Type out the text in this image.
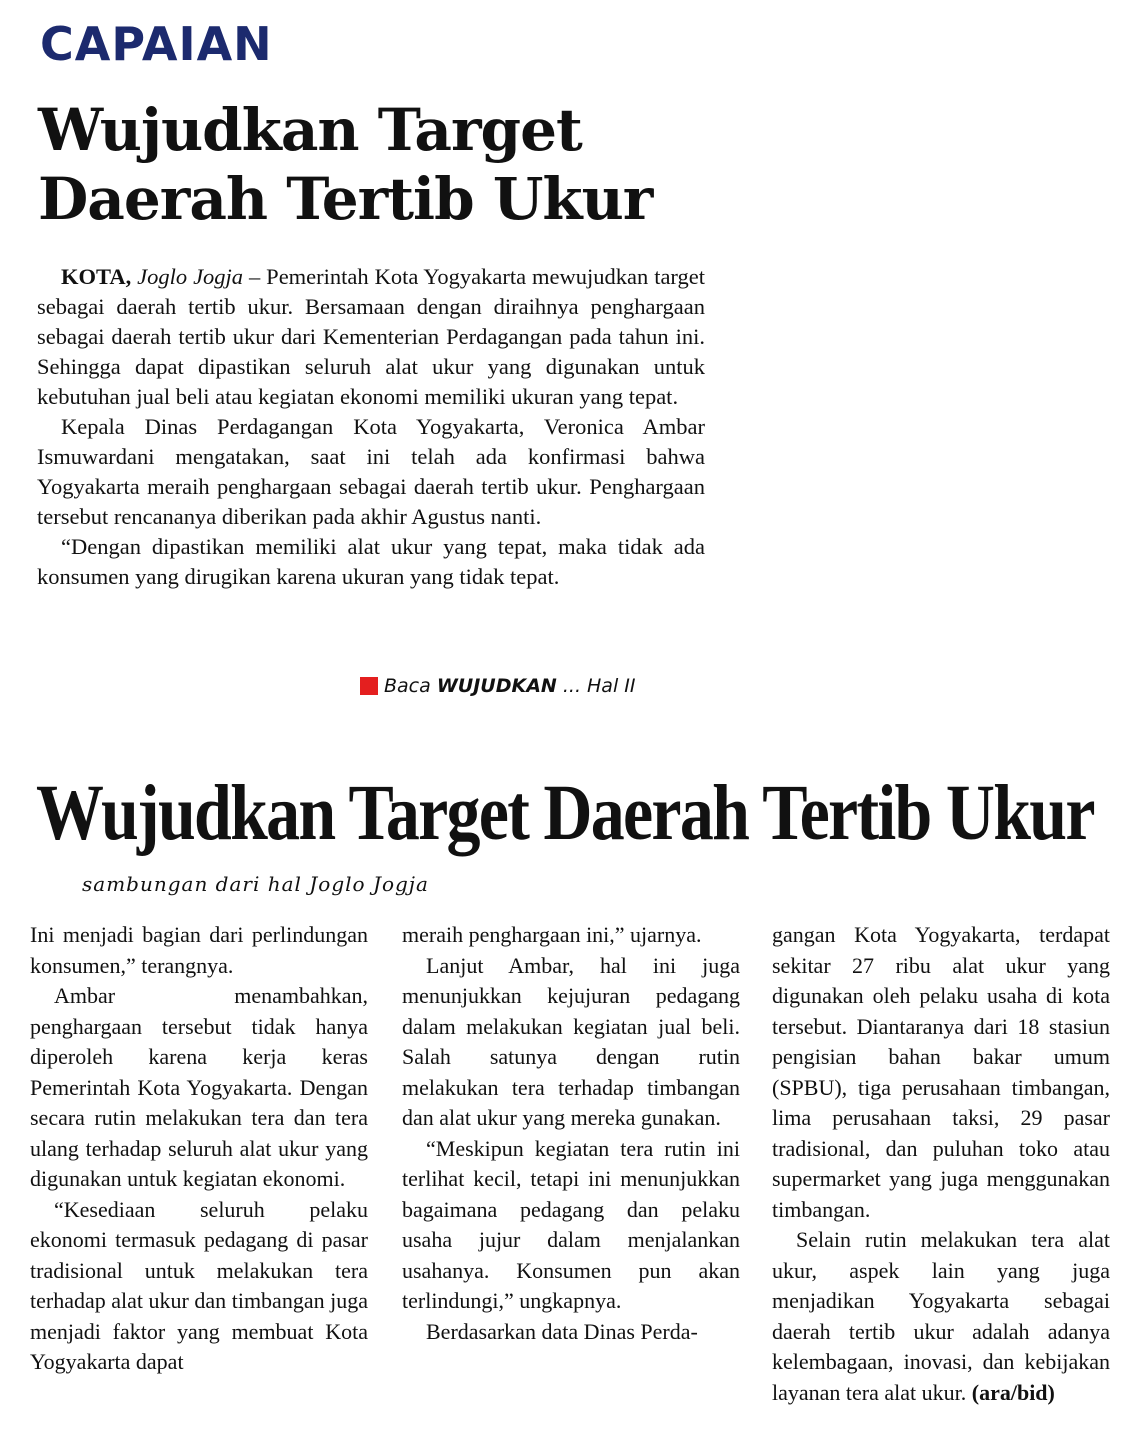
CAPAIAN
Wujudkan Target Daerah Tertib Ukur

KOTA, Joglo Jogja – Pemerintah Kota Yogyakarta mewujudkan target sebagai daerah tertib ukur. Bersamaan dengan diraihnya penghargaan sebagai daerah tertib ukur dari Kementerian Perdagangan pada tahun ini. Sehingga dapat dipastikan seluruh alat ukur yang digunakan untuk kebutuhan jual beli atau kegiatan ekonomi memiliki ukuran yang tepat.

Kepala Dinas Perdagangan Kota Yogyakarta, Veronica Ambar Ismuwardani mengatakan, saat ini telah ada konfirmasi bahwa Yogyakarta meraih penghargaan sebagai daerah tertib ukur. Penghargaan tersebut rencananya diberikan pada akhir Agustus nanti.

“Dengan dipastikan memiliki alat ukur yang tepat, maka tidak ada konsumen yang dirugikan karena ukuran yang tidak tepat.

Baca WUJUDKAN ... Hal II
Wujudkan Target Daerah Tertib Ukur
sambungan dari hal Joglo Jogja

Ini menjadi bagian dari perlindungan konsumen,” terangnya.

Ambar menambahkan, penghargaan tersebut tidak hanya diperoleh karena kerja keras Pemerintah Kota Yogyakarta. Dengan secara rutin melakukan tera dan tera ulang terhadap seluruh alat ukur yang digunakan untuk kegiatan ekonomi.

“Kesediaan seluruh pelaku ekonomi termasuk pedagang di pasar tradisional untuk melakukan tera terhadap alat ukur dan timbangan juga menjadi faktor yang membuat Kota Yogyakarta dapat

meraih penghargaan ini,” ujarnya.

Lanjut Ambar, hal ini juga menunjukkan kejujuran pedagang dalam melakukan kegiatan jual beli. Salah satunya dengan rutin melakukan tera terhadap timbangan dan alat ukur yang mereka gunakan.

“Meskipun kegiatan tera rutin ini terlihat kecil, tetapi ini menunjukkan bagaimana pedagang dan pelaku usaha jujur dalam menjalankan usahanya. Konsumen pun akan terlindungi,” ungkapnya.

Berdasarkan data Dinas Perda-

gangan Kota Yogyakarta, terdapat sekitar 27 ribu alat ukur yang digunakan oleh pelaku usaha di kota tersebut. Diantaranya dari 18 stasiun pengisian bahan bakar umum (SPBU), tiga perusahaan timbangan, lima perusahaan taksi, 29 pasar tradisional, dan puluhan toko atau supermarket yang juga menggunakan timbangan.

Selain rutin melakukan tera alat ukur, aspek lain yang juga menjadikan Yogyakarta sebagai daerah tertib ukur adalah adanya kelembagaan, inovasi, dan kebijakan layanan tera alat ukur. (ara/bid)
